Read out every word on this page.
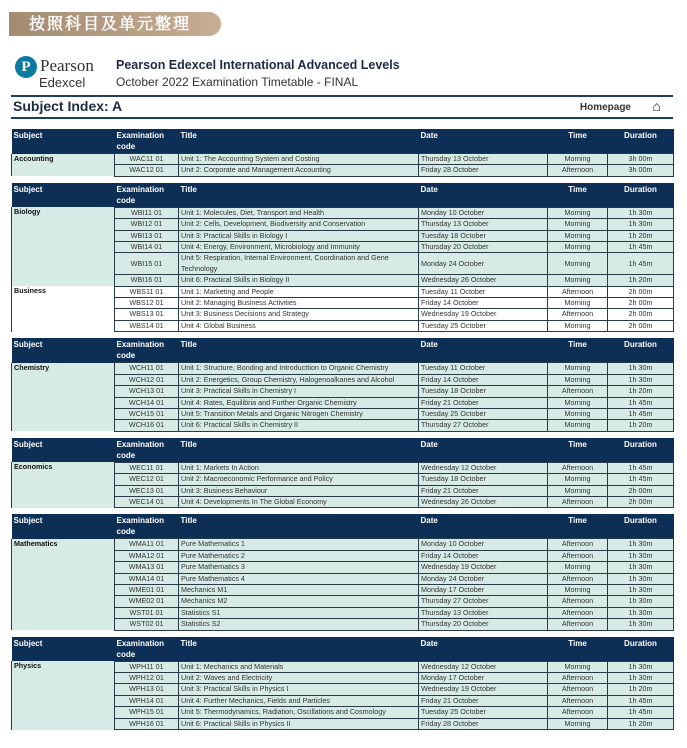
按照科目及单元整理
P Pearson
Edexcel
Pearson Edexcel International Advanced Levels
October 2022 Examination Timetable - FINAL
Subject Index: A	Homepage ⌂
Subject	Examination code	Title	Date	Time	Duration
Accounting	WAC11 01	Unit 1: The Accounting System and Costing	Thursday 13 October	Morning	3h 00m
	WAC12 01	Unit 2: Corporate and Management Accounting	Friday 28 October	Afternoon	3h 00m
Subject	Examination code	Title	Date	Time	Duration
Biology	WBI11 01	Unit 1: Molecules, Diet, Transport and Health	Monday 10 October	Morning	1h 30m
	WBI12 01	Unit 2: Cells, Development, Biodiversity and Conservation	Thursday 13 October	Morning	1h 30m
	WBI13 01	Unit 3: Practical Skills in Biology I	Tuesday 18 October	Morning	1h 20m
	WBI14 01	Unit 4: Energy, Environment, Microbiology and Immunity	Thursday 20 October	Morning	1h 45m
	WBI15 01	Unit 5: Respiration, Internal Environment, Coordination and Gene Technology	Monday 24 October	Morning	1h 45m
	WBI16 01	Unit 6: Practical Skills in Biology II	Wednesday 26 October	Morning	1h 20m
Business	WBS11 01	Unit 1: Marketing and People	Tuesday 11 October	Afternoon	2h 00m
	WBS12 01	Unit 2: Managing Business Activities	Friday 14 October	Morning	2h 00m
	WBS13 01	Unit 3: Business Decisions and Strategy	Wednesday 19 October	Afternoon	2h 00m
	WBS14 01	Unit 4: Global Business	Tuesday 25 October	Morning	2h 00m
Subject	Examination code	Title	Date	Time	Duration
Chemistry	WCH11 01	Unit 1: Structure, Bonding and Introducttion to Organic Chemistry	Tuesday 11 October	Morning	1h 30m
	WCH12 01	Unit 2: Energetics, Group Chemistry, Halogenoalkanes and Alcohol	Friday 14 October	Morning	1h 30m
	WCH13 01	Unit 3: Practical Skills in Chemistry I	Tuesday 18 October	Afternoon	1h 20m
	WCH14 01	Unit 4: Rates, Equilibria and Further Organic Chemistry	Friday 21 October	Morning	1h 45m
	WCH15 01	Unit 5: Transition Metals and Organic Nitrogen Chemistry	Tuesday 25 October	Morning	1h 45m
	WCH16 01	Unit 6: Practical Skills in Chemistry II	Thursday 27 October	Morning	1h 20m
Subject	Examination code	Title	Date	Time	Duration
Economics	WEC11 01	Unit 1: Markets In Action	Wednesday 12 October	Afternoon	1h 45m
	WEC12 01	Unit 2: Macroeconomic Performance and Policy	Tuesday 18 October	Morning	1h 45m
	WEC13 01	Unit 3: Business Behaviour	Friday 21 October	Morning	2h 00m
	WEC14 01	Unit 4: Developments In The Global Economy	Wednesday 26 October	Afternoon	2h 00m
Subject	Examination code	Title	Date	Time	Duration
Mathematics	WMA11 01	Pure Mathematics 1	Monday 10 October	Afternoon	1h 30m
	WMA12 01	Pure Mathematics 2	Friday 14 October	Afternoon	1h 30m
	WMA13 01	Pure Mathematics 3	Wednesday 19 October	Morning	1h 30m
	WMA14 01	Pure Mathematics 4	Monday 24 October	Afternoon	1h 30m
	WME01 01	Mechanics M1	Monday 17 October	Morning	1h 30m
	WME02 01	Mechanics M2	Thursday 27 October	Afternoon	1h 30m
	WST01 01	Statistics S1	Thursday 13 October	Afternoon	1h 30m
	WST02 01	Statistics S2	Thursday 20 October	Afternoon	1h 30m
Subject	Examination code	Title	Date	Time	Duration
Physics	WPH11 01	Unit 1: Mechanics and Materials	Wednesday 12 October	Morning	1h 30m
	WPH12 01	Unit 2: Waves and Electricity	Monday 17 October	Afternoon	1h 30m
	WPH13 01	Unit 3: Practical Skills in Physics I	Wednesday 19 October	Afternoon	1h 20m
	WPH14 01	Unit 4: Further Mechanics, Fields and Particles	Friday 21 October	Afternoon	1h 45m
	WPH15 01	Unit 5: Thermodynamics, Radiation, Oscillations and Cosmology	Tuesday 25 October	Afternoon	1h 45m
	WPH16 01	Unit 6: Practical Skills in Physics II	Friday 28 October	Morning	1h 20m
